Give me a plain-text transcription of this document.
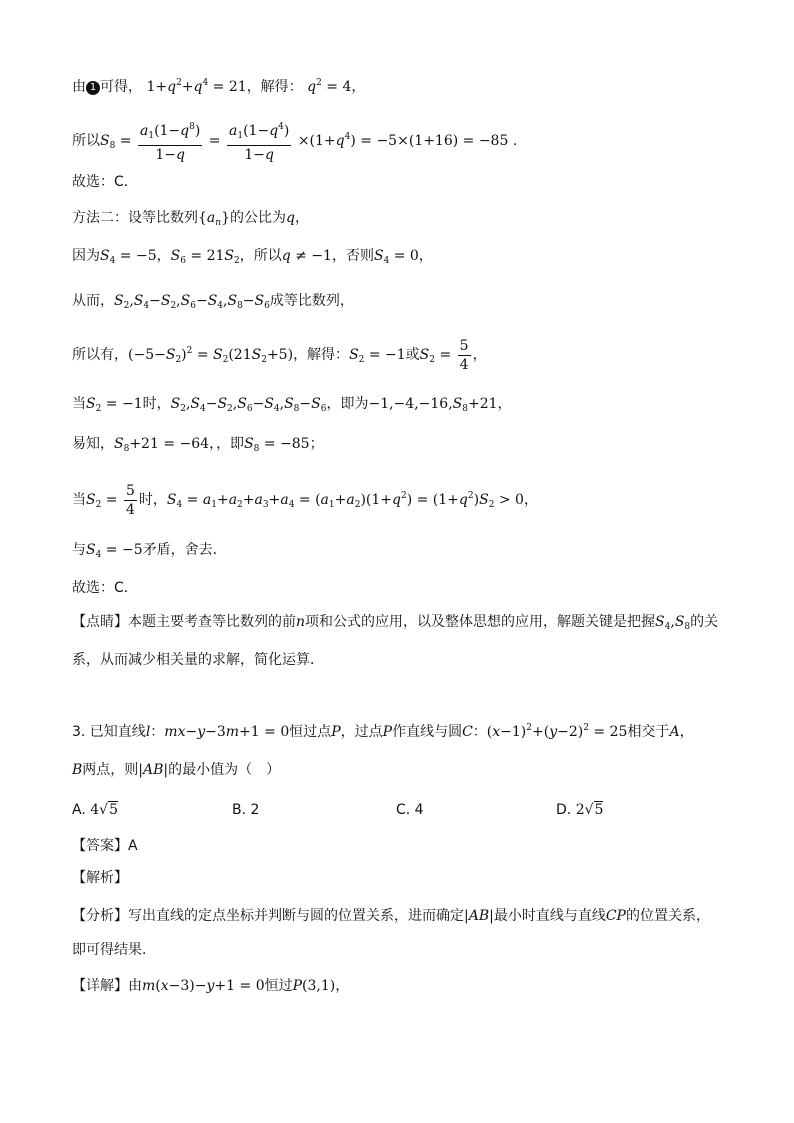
由 1 可得， $1+q^2+q^4 = 21$，解得： $q^2 = 4$，
所以$S_8 = \frac{a_1(1-q^8)}{1-q} = \frac{a_1(1-q^4)}{1-q} \times(1+q^4) = -5\times(1+16) = -85$ .
故选：C．
方法二：设等比数列$\{a_n\}$的公比为q，
因为$S_4 = -5$，$S_6 = 21S_2$，所以q ≠ −1，否则$S_4 = 0$，
从而，$S_2,S_4-S_2,S_6-S_4,S_8-S_6$成等比数列，
所以有，$(-5-S_2)^2 = S_2(21S_2+5)$，解得：$S_2 = -1$或$S_2 = \frac{5}{4}$ ，
当$S_2 = -1$时，$S_2,S_4-S_2,S_6-S_4,S_8-S_6$，即为$-1,-4,-16,S_8+21$，
易知，$S_8+21 = -64$，，即$S_8 = -85$；
当$S_2 = \frac{5}{4}$ 时，$S_4 = a_1+a_2+a_3+a_4 = (a_1+a_2)(1+q^2) = (1+q^2)S_2 > 0$，
与$S_4 = -5$矛盾，舍去．
故选：C．
【点睛】本题主要考查等比数列的前n项和公式的应用，以及整体思想的应用，解题关键是把握$S_4,S_8$的关
系，从而减少相关量的求解，简化运算．
3. 已知直线l：mx−y−3m+1 = 0恒过点P，过点P作直线与圆C：$(x-1)^2+(y-2)^2 = 25$相交于A，
B两点，则|AB|的最小值为（　）
A. 4√5	B. 2	C. 4	D. 2√5
【答案】A
【解析】
【分析】写出直线的定点坐标并判断与圆的位置关系，进而确定|AB|最小时直线与直线CP的位置关系，
即可得结果.
【详解】由m(x−3)−y+1 = 0恒过P(3,1)，
